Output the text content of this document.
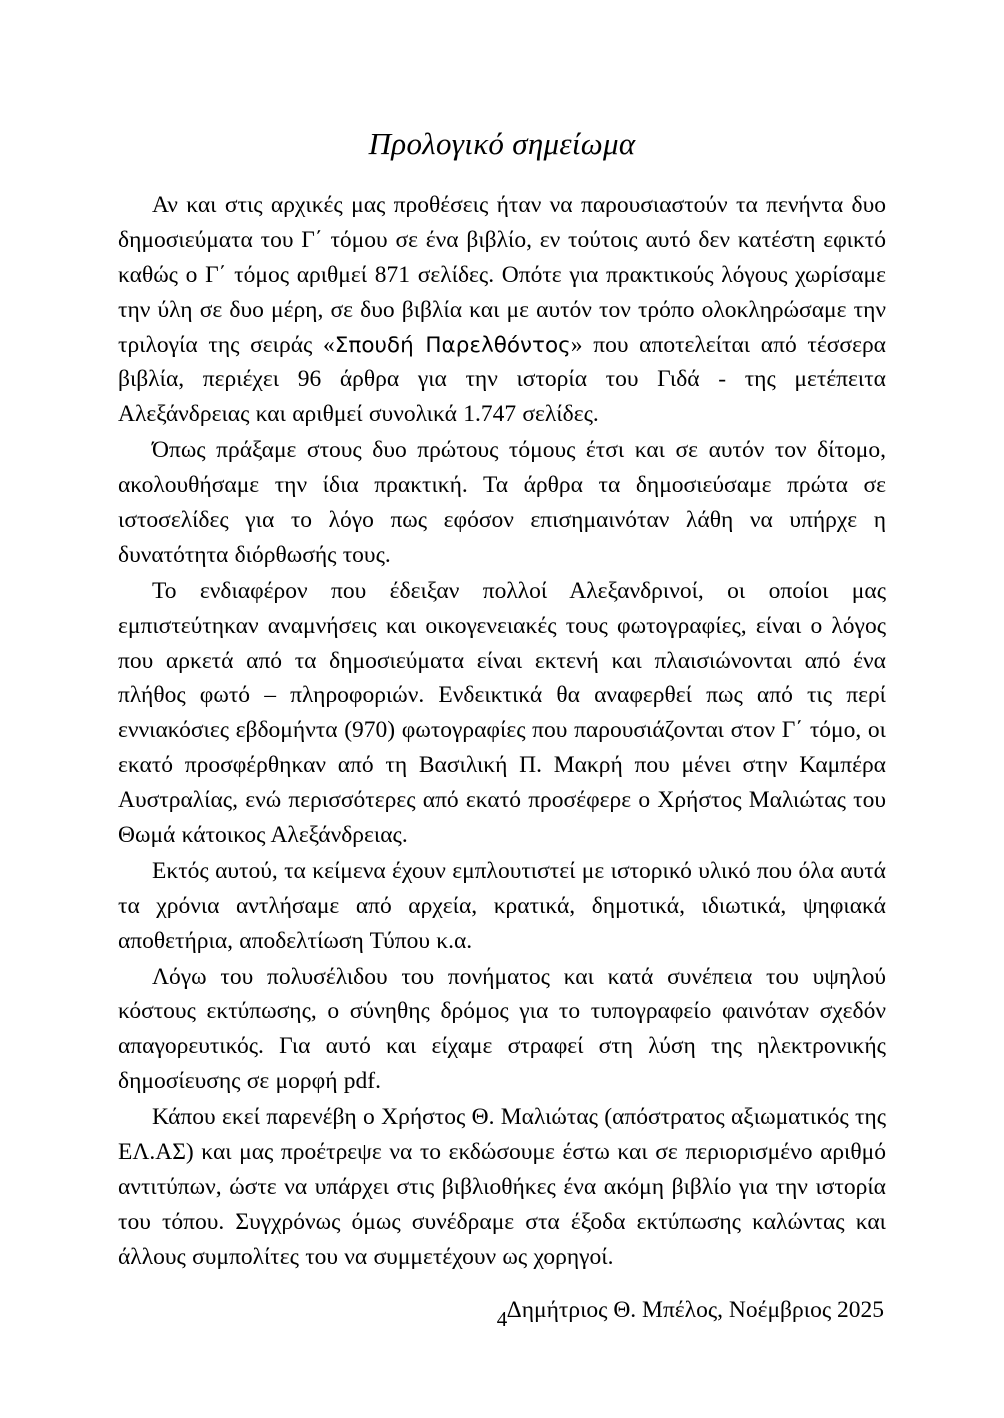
Προλογικό σημείωμα

Αν και στις αρχικές μας προθέσεις ήταν να παρουσιαστούν τα πενήντα δυο δημοσιεύματα του Γ΄ τόμου σε ένα βιβλίο, εν τούτοις αυτό δεν κατέστη εφικτό καθώς ο Γ΄ τόμος αριθμεί 871 σελίδες. Οπότε για πρακτικούς λόγους χωρίσαμε την ύλη σε δυο μέρη, σε δυο βιβλία και με αυτόν τον τρόπο ολοκληρώσαμε την τριλογία της σειράς «Σπουδή Παρελθόντος» που αποτελείται από τέσσερα βιβλία, περιέχει 96 άρθρα για την ιστορία του Γιδά - της μετέπειτα Αλεξάνδρειας και αριθμεί συνολικά 1.747 σελίδες.

Όπως πράξαμε στους δυο πρώτους τόμους έτσι και σε αυτόν τον δίτομο, ακολουθήσαμε την ίδια πρακτική. Τα άρθρα τα δημοσιεύσαμε πρώτα σε ιστοσελίδες για το λόγο πως εφόσον επισημαινόταν λάθη να υπήρχε η δυνατότητα διόρθωσής τους.

Το ενδιαφέρον που έδειξαν πολλοί Αλεξανδρινοί, οι οποίοι μας εμπιστεύτηκαν αναμνήσεις και οικογενειακές τους φωτογραφίες, είναι ο λόγος που αρκετά από τα δημοσιεύματα είναι εκτενή και πλαισιώνονται από ένα πλήθος φωτό – πληροφοριών. Ενδεικτικά θα αναφερθεί πως από τις περί εννιακόσιες εβδομήντα (970) φωτογραφίες που παρουσιάζονται στον Γ΄ τόμο, οι εκατό προσφέρθηκαν από τη Βασιλική Π. Μακρή που μένει στην Καμπέρα Αυστραλίας, ενώ περισσότερες από εκατό προσέφερε ο Χρήστος Μαλιώτας του Θωμά κάτοικος Αλεξάνδρειας.

Εκτός αυτού, τα κείμενα έχουν εμπλουτιστεί με ιστορικό υλικό που όλα αυτά τα χρόνια αντλήσαμε από αρχεία, κρατικά, δημοτικά, ιδιωτικά, ψηφιακά αποθετήρια, αποδελτίωση Τύπου κ.α.

Λόγω του πολυσέλιδου του πονήματος και κατά συνέπεια του υψηλού κόστους εκτύπωσης, ο σύνηθης δρόμος για το τυπογραφείο φαινόταν σχεδόν απαγορευτικός. Για αυτό και είχαμε στραφεί στη λύση της ηλεκτρονικής δημοσίευσης σε μορφή pdf.

Κάπου εκεί παρενέβη ο Χρήστος Θ. Μαλιώτας (απόστρατος αξιωματικός της ΕΛ.ΑΣ) και μας προέτρεψε να το εκδώσουμε έστω και σε περιορισμένο αριθμό αντιτύπων, ώστε να υπάρχει στις βιβλιοθήκες ένα ακόμη βιβλίο για την ιστορία του τόπου. Συγχρόνως όμως συνέδραμε στα έξοδα εκτύπωσης καλώντας και άλλους συμπολίτες του να συμμετέχουν ως χορηγοί.

Δημήτριος Θ. Μπέλος, Νοέμβριος 2025
4
